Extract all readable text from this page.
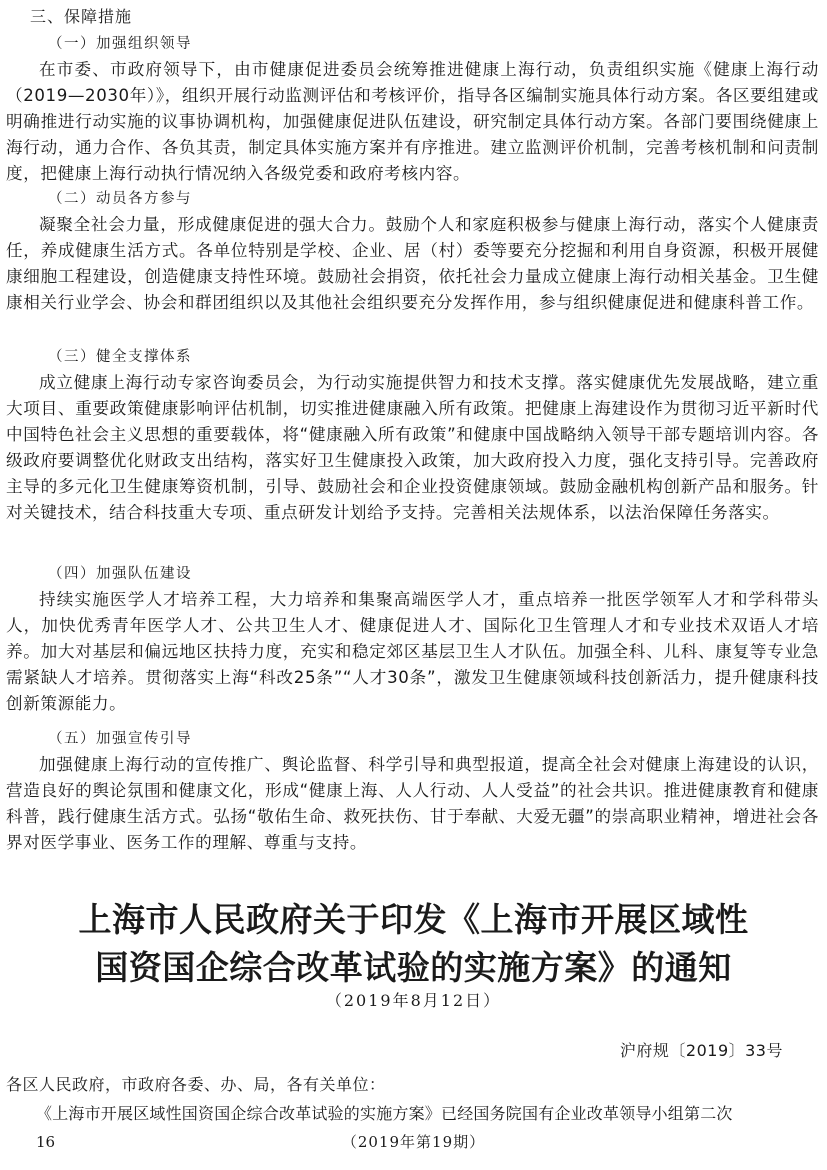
三、保障措施
（一）加强组织领导

在市委、市政府领导下，由市健康促进委员会统筹推进健康上海行动，负责组织实施《健康上海行动（2019—2030年）》，组织开展行动监测评估和考核评价，指导各区编制实施具体行动方案。各区要组建或明确推进行动实施的议事协调机构，加强健康促进队伍建设，研究制定具体行动方案。各部门要围绕健康上海行动，通力合作、各负其责，制定具体实施方案并有序推进。建立监测评价机制，完善考核机制和问责制度，把健康上海行动执行情况纳入各级党委和政府考核内容。

（二）动员各方参与

凝聚全社会力量，形成健康促进的强大合力。鼓励个人和家庭积极参与健康上海行动，落实个人健康责任，养成健康生活方式。各单位特别是学校、企业、居（村）委等要充分挖掘和利用自身资源，积极开展健康细胞工程建设，创造健康支持性环境。鼓励社会捐资，依托社会力量成立健康上海行动相关基金。卫生健康相关行业学会、协会和群团组织以及其他社会组织要充分发挥作用，参与组织健康促进和健康科普工作。

（三）健全支撑体系

成立健康上海行动专家咨询委员会，为行动实施提供智力和技术支撑。落实健康优先发展战略，建立重大项目、重要政策健康影响评估机制，切实推进健康融入所有政策。把健康上海建设作为贯彻习近平新时代中国特色社会主义思想的重要载体，将“健康融入所有政策”和健康中国战略纳入领导干部专题培训内容。各级政府要调整优化财政支出结构，落实好卫生健康投入政策，加大政府投入力度，强化支持引导。完善政府主导的多元化卫生健康筹资机制，引导、鼓励社会和企业投资健康领域。鼓励金融机构创新产品和服务。针对关键技术，结合科技重大专项、重点研发计划给予支持。完善相关法规体系，以法治保障任务落实。

（四）加强队伍建设

持续实施医学人才培养工程，大力培养和集聚高端医学人才，重点培养一批医学领军人才和学科带头人，加快优秀青年医学人才、公共卫生人才、健康促进人才、国际化卫生管理人才和专业技术双语人才培养。加大对基层和偏远地区扶持力度，充实和稳定郊区基层卫生人才队伍。加强全科、儿科、康复等专业急需紧缺人才培养。贯彻落实上海“科改25条”“人才30条”，激发卫生健康领域科技创新活力，提升健康科技创新策源能力。

（五）加强宣传引导

加强健康上海行动的宣传推广、舆论监督、科学引导和典型报道，提高全社会对健康上海建设的认识，营造良好的舆论氛围和健康文化，形成“健康上海、人人行动、人人受益”的社会共识。推进健康教育和健康科普，践行健康生活方式。弘扬“敬佑生命、救死扶伤、甘于奉献、大爱无疆”的崇高职业精神，增进社会各界对医学事业、医务工作的理解、尊重与支持。

上海市人民政府关于印发《上海市开展区域性
国资国企综合改革试验的实施方案》的通知
（2019年8月12日）
沪府规〔2019〕33号
各区人民政府，市政府各委、办、局，各有关单位：
《上海市开展区域性国资国企综合改革试验的实施方案》已经国务院国有企业改革领导小组第二次
16	（2019年第19期）
